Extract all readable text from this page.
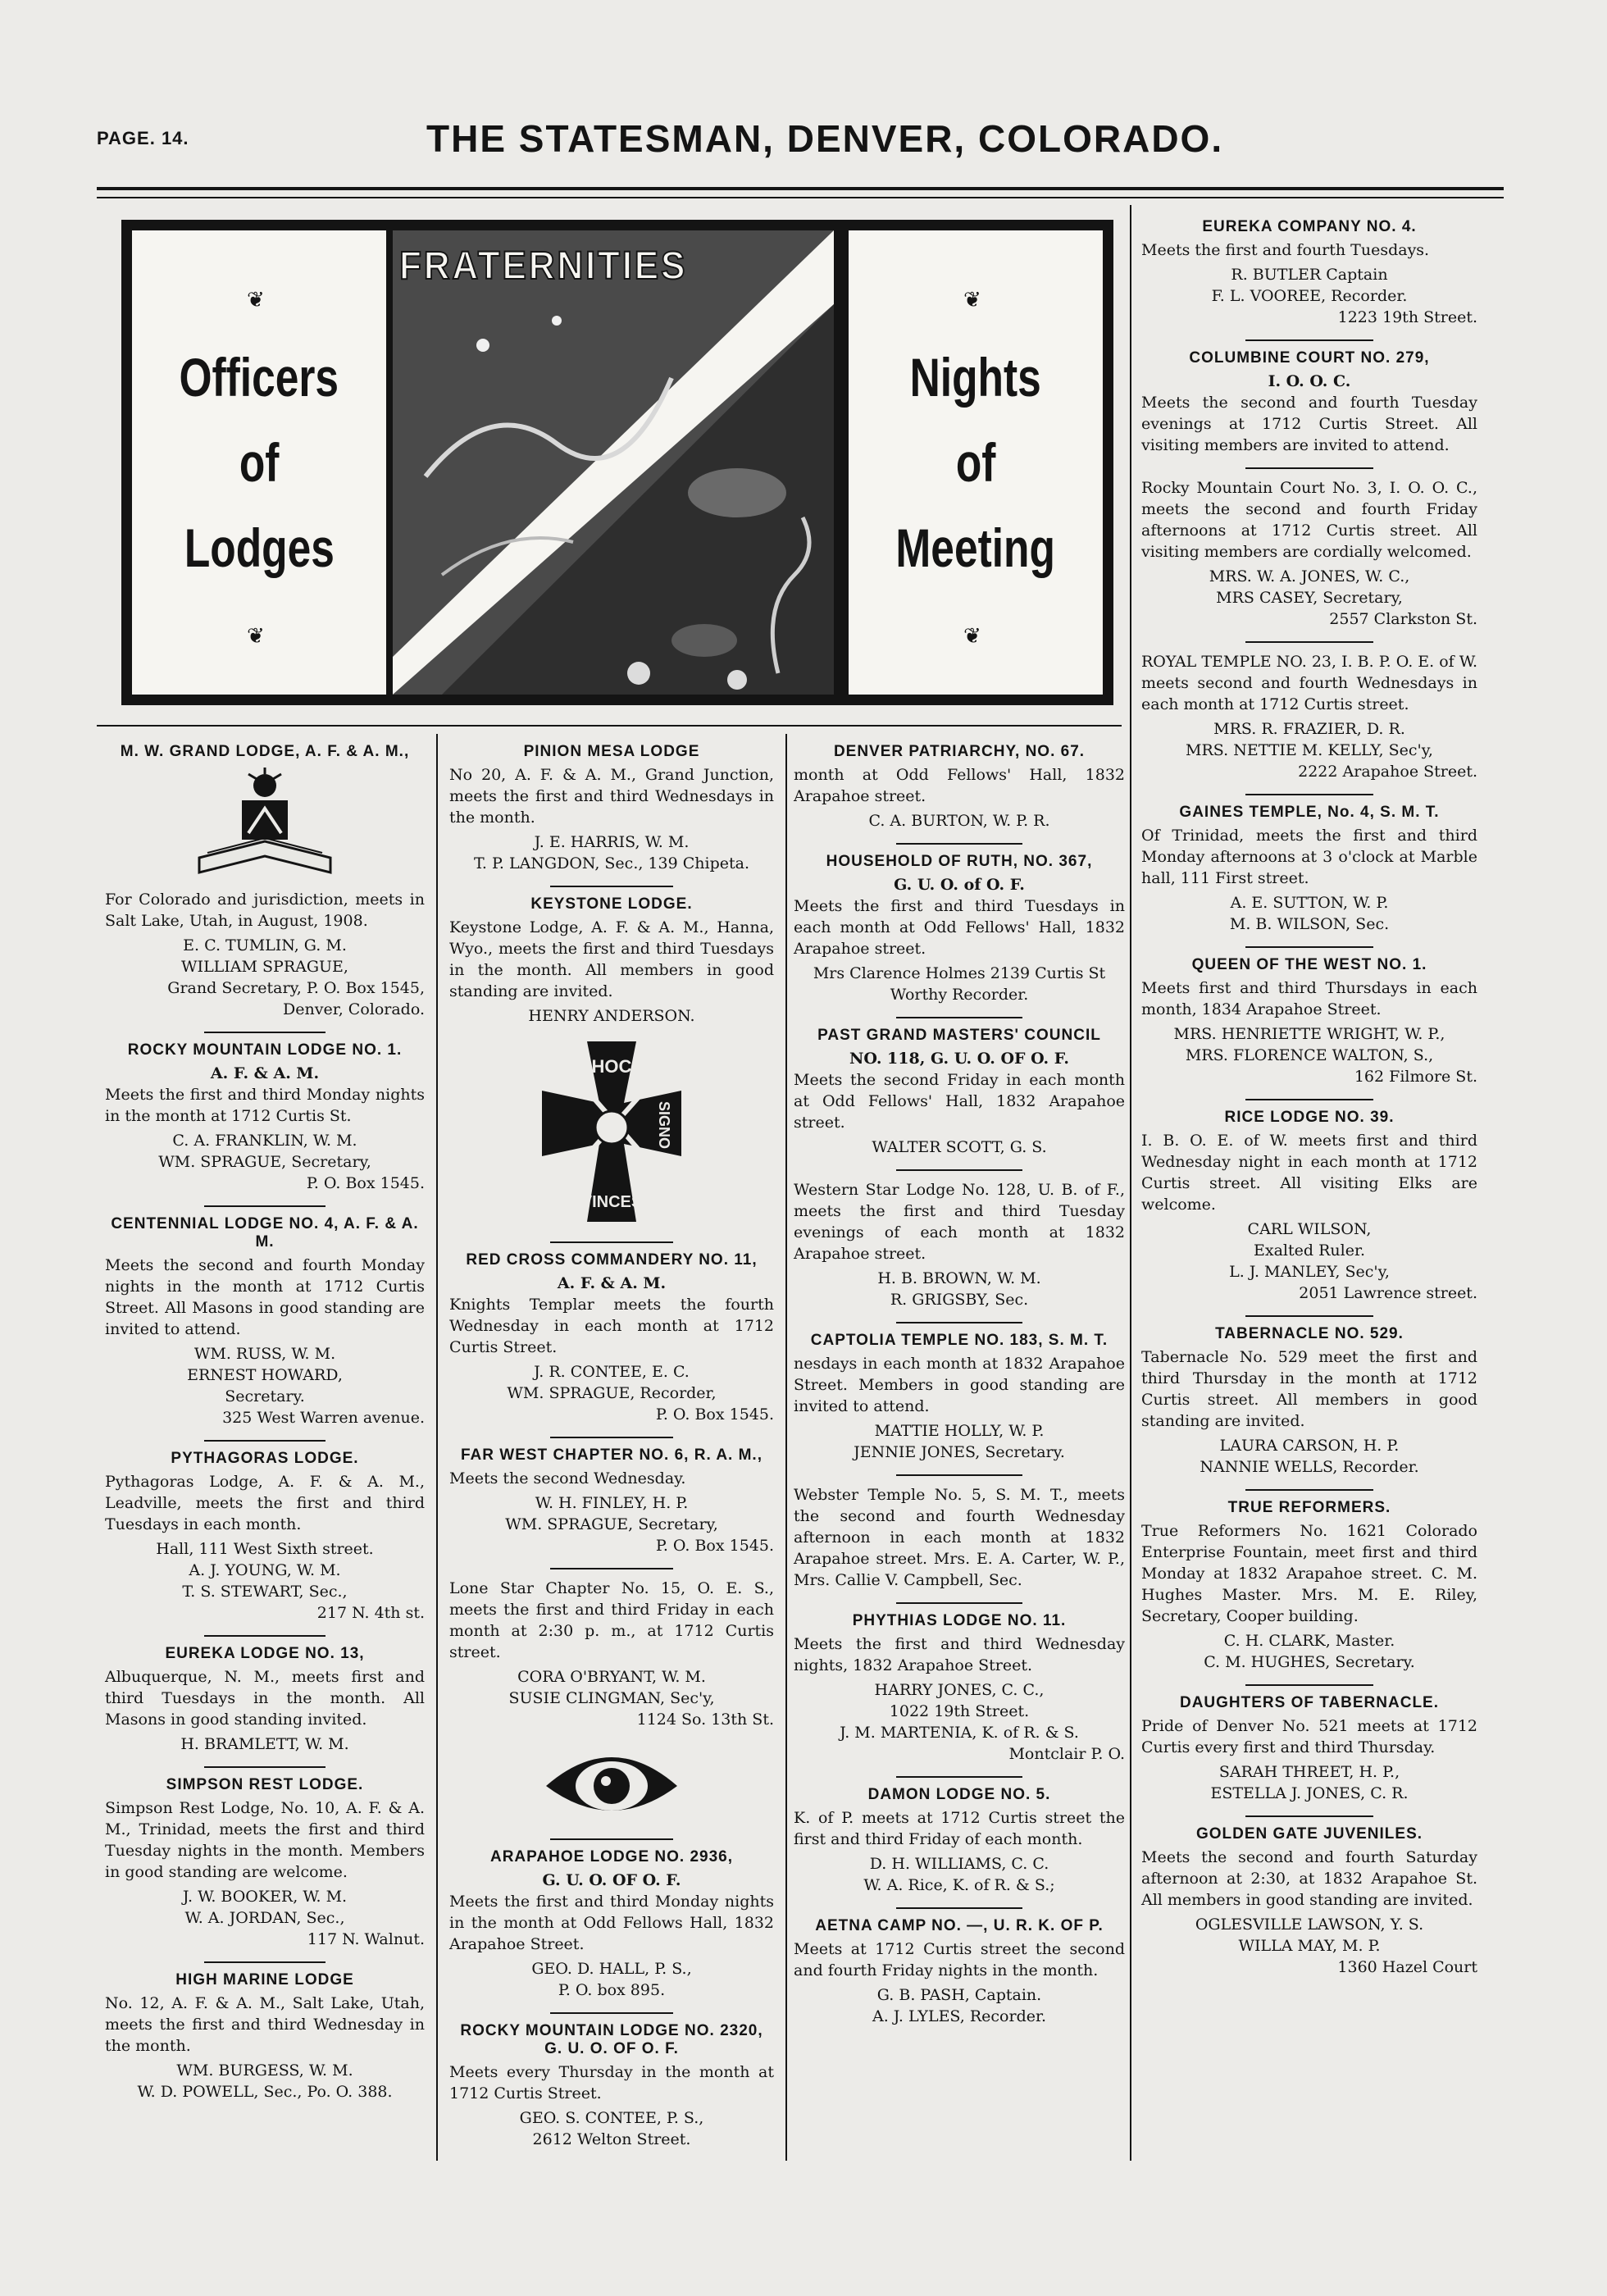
PAGE. 14.	THE STATESMAN, DENVER, COLORADO.
Officers
of
Lodges
❦
❦
FRATERNITIES
Nights
of
Meeting
❦
❦
M. W. GRAND LODGE, A. F. & A. M.,

For Colorado and jurisdiction, meets in Salt Lake, Utah, in August, 1908.

E. C. TUMLIN, G. M.
WILLIAM SPRAGUE,
Grand Secretary, P. O. Box 1545, Denver, Colorado.
ROCKY MOUNTAIN LODGE NO. 1.
A. F. & A. M.

Meets the first and third Monday nights in the month at 1712 Curtis St.

C. A. FRANKLIN, W. M.
WM. SPRAGUE, Secretary,
P. O. Box 1545.
CENTENNIAL LODGE NO. 4, A. F. & A. M.

Meets the second and fourth Monday nights in the month at 1712 Curtis Street. All Masons in good standing are invited to attend.

WM. RUSS, W. M.
ERNEST HOWARD,
Secretary.
325 West Warren avenue.
PYTHAGORAS LODGE.

Pythagoras Lodge, A. F. & A. M., Leadville, meets the first and third Tuesdays in each month.

Hall, 111 West Sixth street.
A. J. YOUNG, W. M.
T. S. STEWART, Sec.,
217 N. 4th st.
EUREKA LODGE NO. 13,

Albuquerque, N. M., meets first and third Tuesdays in the month. All Masons in good standing invited.

H. BRAMLETT, W. M.
SIMPSON REST LODGE.

Simpson Rest Lodge, No. 10, A. F. & A. M., Trinidad, meets the first and third Tuesday nights in the month. Members in good standing are welcome.

J. W. BOOKER, W. M.
W. A. JORDAN, Sec.,
117 N. Walnut.
HIGH MARINE LODGE

No. 12, A. F. & A. M., Salt Lake, Utah, meets the first and third Wednesday in the month.

WM. BURGESS, W. M.
W. D. POWELL, Sec., Po. O. 388.
PINION MESA LODGE

No 20, A. F. & A. M., Grand Junction, meets the first and third Wednesdays in the month.

J. E. HARRIS, W. M.
T. P. LANGDON, Sec., 139 Chipeta.
KEYSTONE LODGE.

Keystone Lodge, A. F. & A. M., Hanna, Wyo., meets the first and third Tuesdays in the month. All members in good standing are invited.

HENRY ANDERSON.
HOC
SIGNO
VINCES
RED CROSS COMMANDERY NO. 11,
A. F. & A. M.

Knights Templar meets the fourth Wednesday in each month at 1712 Curtis Street.

J. R. CONTEE, E. C.
WM. SPRAGUE, Recorder,
P. O. Box 1545.
FAR WEST CHAPTER NO. 6, R. A. M.,

Meets the second Wednesday.

W. H. FINLEY, H. P.
WM. SPRAGUE, Secretary,
P. O. Box 1545.

Lone Star Chapter No. 15, O. E. S., meets the first and third Friday in each month at 2:30 p. m., at 1712 Curtis street.

CORA O'BRYANT, W. M.
SUSIE CLINGMAN, Sec'y,
1124 So. 13th St.
ARAPAHOE LODGE NO. 2936,
G. U. O. OF O. F.

Meets the first and third Monday nights in the month at Odd Fellows Hall, 1832 Arapahoe Street.

GEO. D. HALL, P. S.,
P. O. box 895.
ROCKY MOUNTAIN LODGE NO. 2320, G. U. O. OF O. F.

Meets every Thursday in the month at 1712 Curtis Street.

GEO. S. CONTEE, P. S.,
2612 Welton Street.
DENVER PATRIARCHY, NO. 67.

month at Odd Fellows' Hall, 1832 Arapahoe street.

C. A. BURTON, W. P. R.
HOUSEHOLD OF RUTH, NO. 367,
G. U. O. of O. F.

Meets the first and third Tuesdays in each month at Odd Fellows' Hall, 1832 Arapahoe street.

Mrs Clarence Holmes 2139 Curtis St
Worthy Recorder.
PAST GRAND MASTERS' COUNCIL
NO. 118, G. U. O. OF O. F.

Meets the second Friday in each month at Odd Fellows' Hall, 1832 Arapahoe street.

WALTER SCOTT, G. S.

Western Star Lodge No. 128, U. B. of F., meets the first and third Tuesday evenings of each month at 1832 Arapahoe street.

H. B. BROWN, W. M.
R. GRIGSBY, Sec.
CAPTOLIA TEMPLE NO. 183, S. M. T.

nesdays in each month at 1832 Arapahoe Street. Members in good standing are invited to attend.

MATTIE HOLLY, W. P.
JENNIE JONES, Secretary.

Webster Temple No. 5, S. M. T., meets the second and fourth Wednesday afternoon in each month at 1832 Arapahoe street. Mrs. E. A. Carter, W. P., Mrs. Callie V. Campbell, Sec.

PHYTHIAS LODGE NO. 11.

Meets the first and third Wednesday nights, 1832 Arapahoe Street.

HARRY JONES, C. C.,
1022 19th Street.
J. M. MARTENIA, K. of R. & S.
Montclair P. O.
DAMON LODGE NO. 5.

K. of P. meets at 1712 Curtis street the first and third Friday of each month.

D. H. WILLIAMS, C. C.
W. A. Rice, K. of R. & S.;
AETNA CAMP NO. —, U. R. K. OF P.

Meets at 1712 Curtis street the second and fourth Friday nights in the month.

G. B. PASH, Captain.
A. J. LYLES, Recorder.
EUREKA COMPANY NO. 4.

Meets the first and fourth Tuesdays.

R. BUTLER Captain
F. L. VOOREE, Recorder.
1223 19th Street.
COLUMBINE COURT NO. 279,
I. O. O. C.

Meets the second and fourth Tuesday evenings at 1712 Curtis Street. All visiting members are invited to attend.

Rocky Mountain Court No. 3, I. O. O. C., meets the second and fourth Friday afternoons at 1712 Curtis street. All visiting members are cordially welcomed.

MRS. W. A. JONES, W. C.,
MRS CASEY, Secretary,
2557 Clarkston St.

ROYAL TEMPLE NO. 23, I. B. P. O. E. of W. meets second and fourth Wednesdays in each month at 1712 Curtis street.

MRS. R. FRAZIER, D. R.
MRS. NETTIE M. KELLY, Sec'y,
2222 Arapahoe Street.
GAINES TEMPLE, No. 4, S. M. T.

Of Trinidad, meets the first and third Monday afternoons at 3 o'clock at Marble hall, 111 First street.

A. E. SUTTON, W. P.
M. B. WILSON, Sec.
QUEEN OF THE WEST NO. 1.

Meets first and third Thursdays in each month, 1834 Arapahoe Street.

MRS. HENRIETTE WRIGHT, W. P.,
MRS. FLORENCE WALTON, S.,
162 Filmore St.
RICE LODGE NO. 39.

I. B. O. E. of W. meets first and third Wednesday night in each month at 1712 Curtis street. All visiting Elks are welcome.

CARL WILSON,
Exalted Ruler.
L. J. MANLEY, Sec'y,
2051 Lawrence street.
TABERNACLE NO. 529.

Tabernacle No. 529 meet the first and third Thursday in the month at 1712 Curtis street. All members in good standing are invited.

LAURA CARSON, H. P.
NANNIE WELLS, Recorder.
TRUE REFORMERS.

True Reformers No. 1621 Colorado Enterprise Fountain, meet first and third Monday at 1832 Arapahoe street. C. M. Hughes Master. Mrs. M. E. Riley, Secretary, Cooper building.

C. H. CLARK, Master.
C. M. HUGHES, Secretary.
DAUGHTERS OF TABERNACLE.

Pride of Denver No. 521 meets at 1712 Curtis every first and third Thursday.

SARAH THREET, H. P.,
ESTELLA J. JONES, C. R.
GOLDEN GATE JUVENILES.

Meets the second and fourth Saturday afternoon at 2:30, at 1832 Arapahoe St. All members in good standing are invited.

OGLESVILLE LAWSON, Y. S.
WILLA MAY, M. P.
1360 Hazel Court
